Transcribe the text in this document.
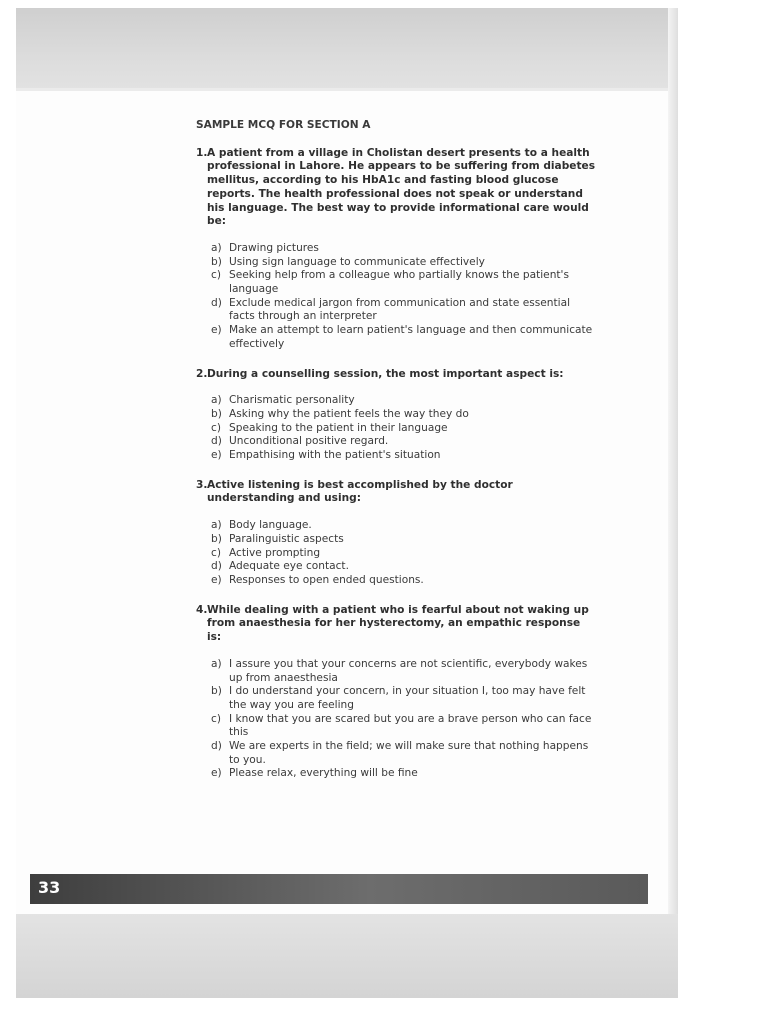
SAMPLE MCQ FOR SECTION A
1. A patient from a village in Cholistan desert presents to a health professional in Lahore. He appears to be suffering from diabetes mellitus, according to his HbA1c and fasting blood glucose reports. The health professional does not speak or understand his language. The best way to provide informational care would be:
a) Drawing pictures
b) Using sign language to communicate effectively
c) Seeking help from a colleague who partially knows the patient's language
d) Exclude medical jargon from communication and state essential facts through an interpreter
e) Make an attempt to learn patient's language and then communicate effectively
2. During a counselling session, the most important aspect is:
a) Charismatic personality
b) Asking why the patient feels the way they do
c) Speaking to the patient in their language
d) Unconditional positive regard.
e) Empathising with the patient's situation
3. Active listening is best accomplished by the doctor understanding and using:
a) Body language.
b) Paralinguistic aspects
c) Active prompting
d) Adequate eye contact.
e) Responses to open ended questions.
4. While dealing with a patient who is fearful about not waking up from anaesthesia for her hysterectomy, an empathic response is:
a) I assure you that your concerns are not scientific, everybody wakes up from anaesthesia
b) I do understand your concern, in your situation I, too may have felt the way you are feeling
c) I know that you are scared but you are a brave person who can face this
d) We are experts in the field; we will make sure that nothing happens to you.
e) Please relax, everything will be fine
33
